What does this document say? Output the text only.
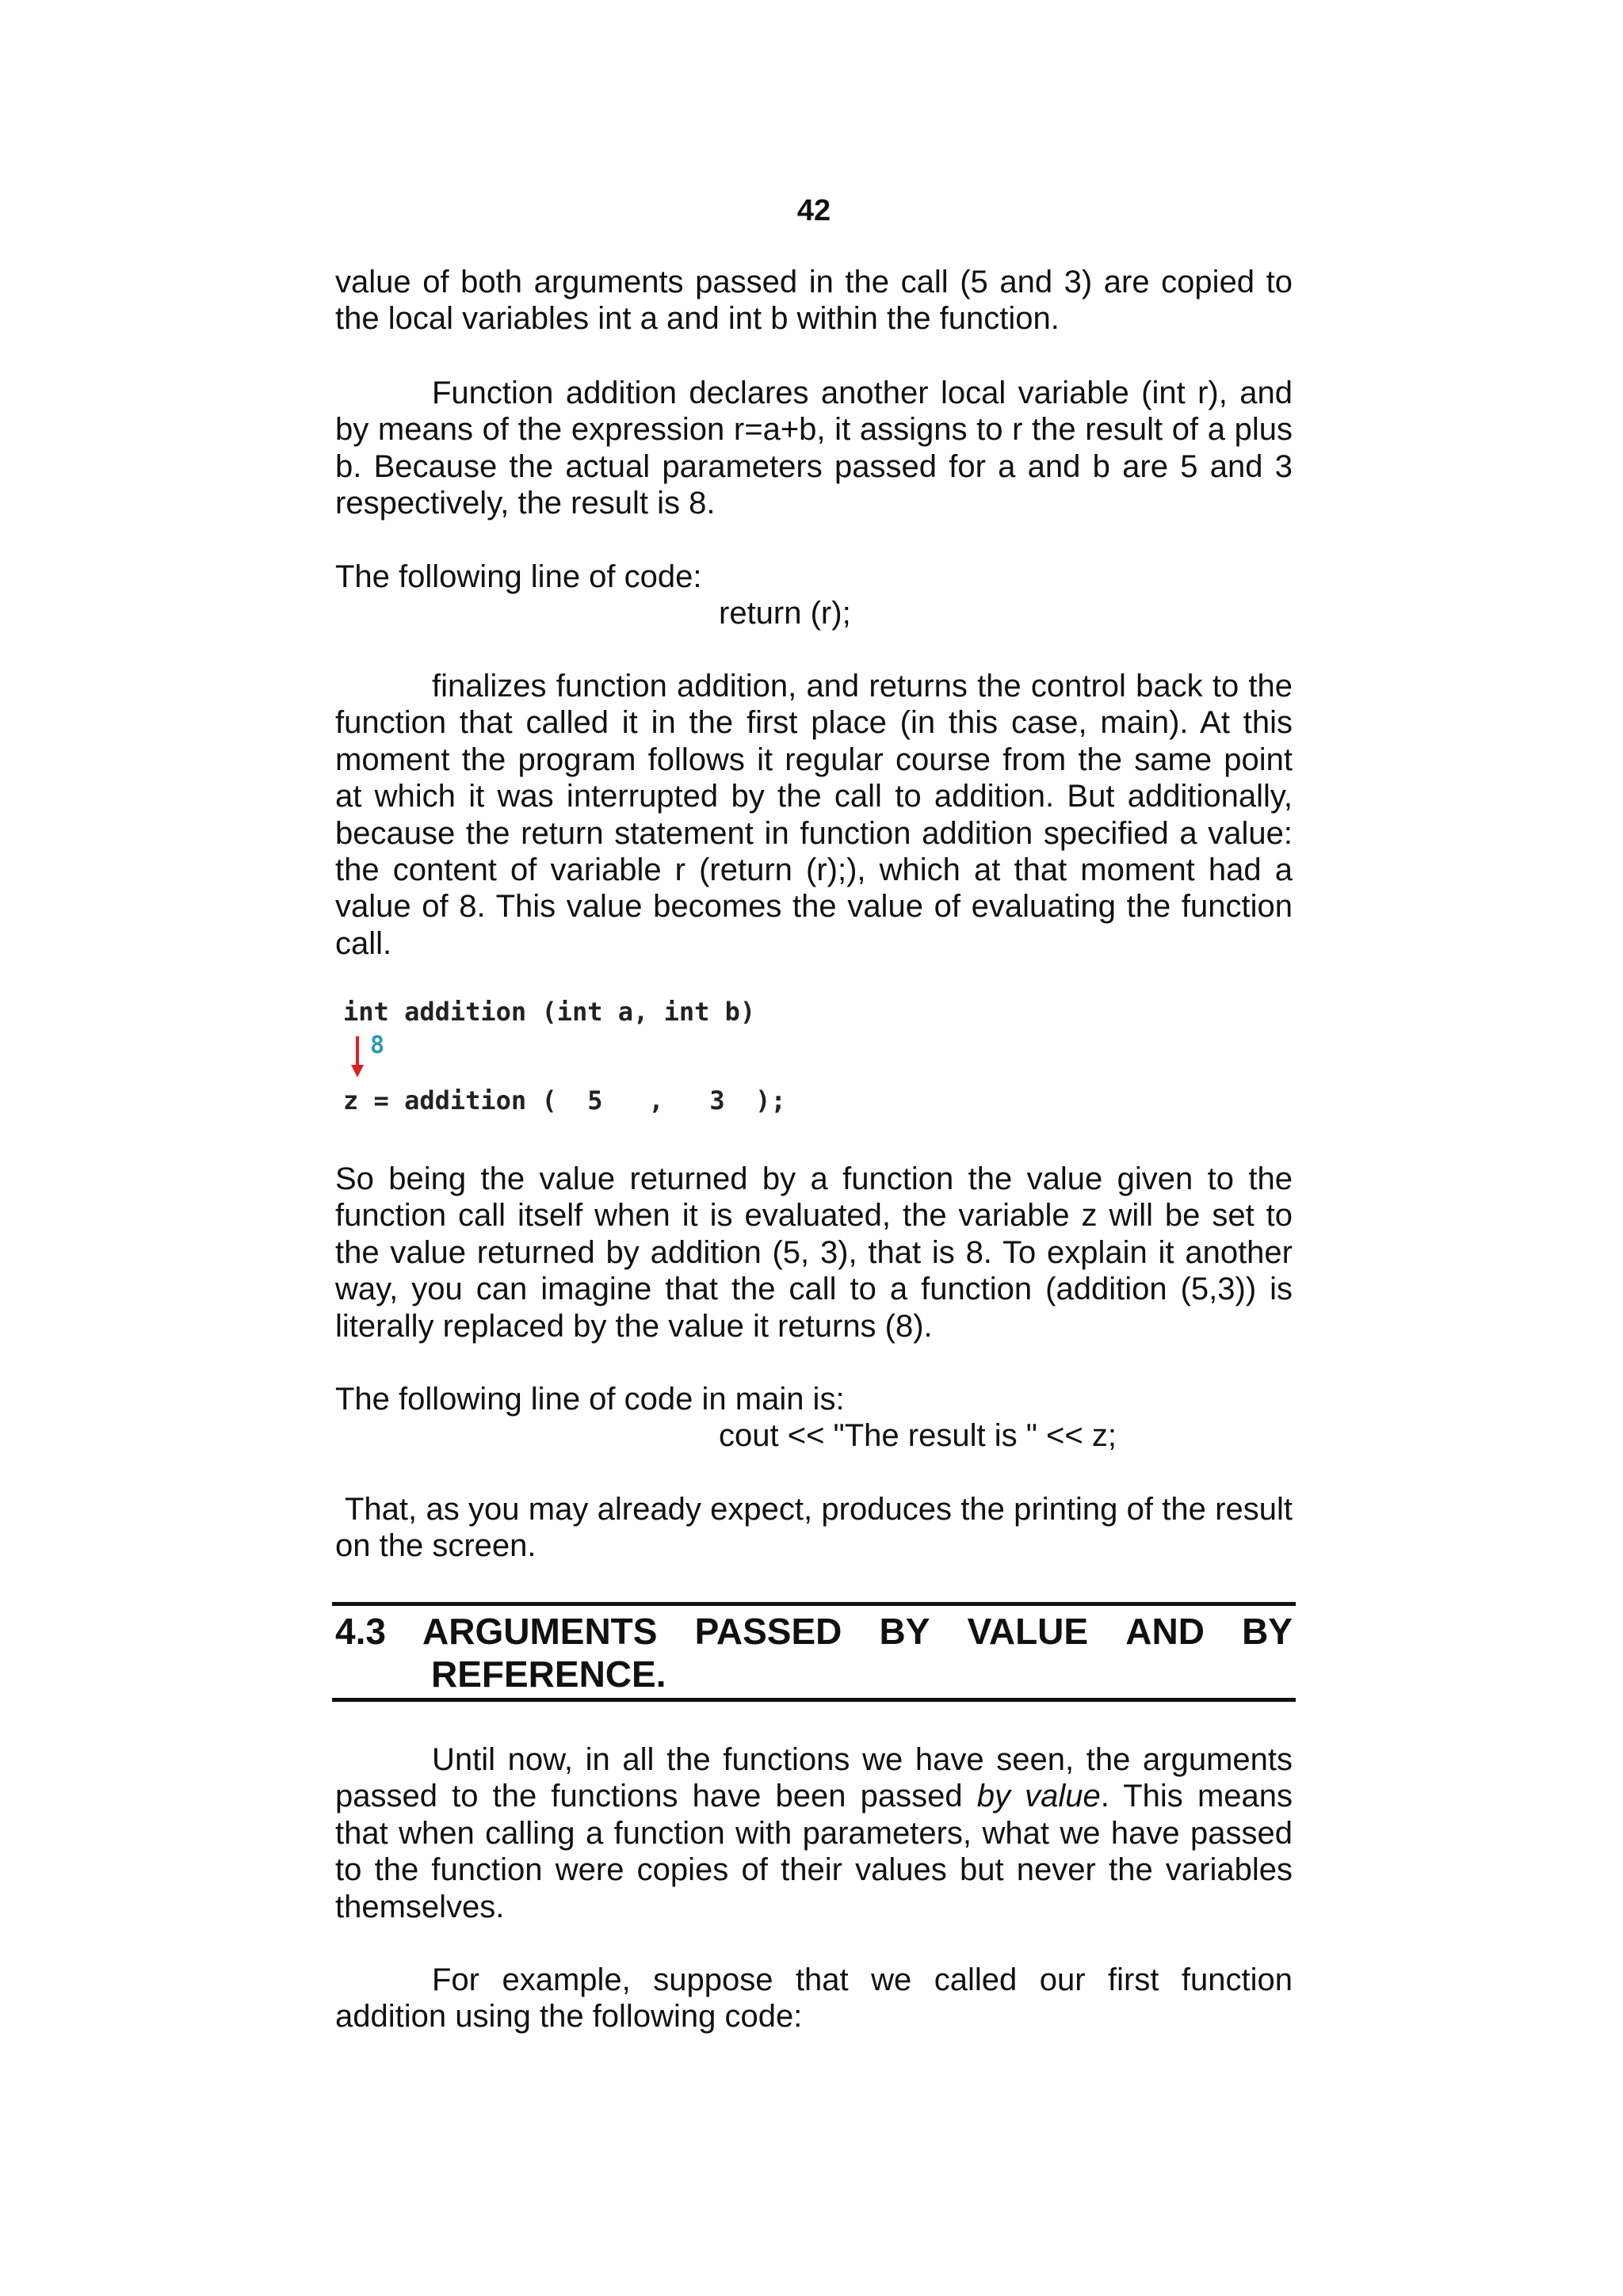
42

value of both arguments passed in the call (5 and 3) are copied to the local variables int a and int b within the function.

Function addition declares another local variable (int r), and by means of the expression r=a+b, it assigns to r the result of a plus b. Because the actual parameters passed for a and b are 5 and 3 respectively, the result is 8.

The following line of code:

return (r);

finalizes function addition, and returns the control back to the function that called it in the first place (in this case, main). At this moment the program follows it regular course from the same point at which it was interrupted by the call to addition. But additionally, because the return statement in function addition specified a value: the content of variable r (return (r);), which at that moment had a value of 8. This value becomes the value of evaluating the function call.

int addition (int a, int b)
8
z = addition (  5   ,   3  );

So being the value returned by a function the value given to the function call itself when it is evaluated, the variable z will be set to the value returned by addition (5, 3), that is 8. To explain it another way, you can imagine that the call to a function (addition (5,3)) is literally replaced by the value it returns (8).

The following line of code in main is:

cout << "The result is " << z;

That, as you may already expect, produces the printing of the result on the screen.

4.3 ARGUMENTS PASSED BY VALUE AND BY
REFERENCE.

Until now, in all the functions we have seen, the arguments passed to the functions have been passed by value. This means that when calling a function with parameters, what we have passed to the function were copies of their values but never the variables themselves.

For example, suppose that we called our first function addition using the following code:
